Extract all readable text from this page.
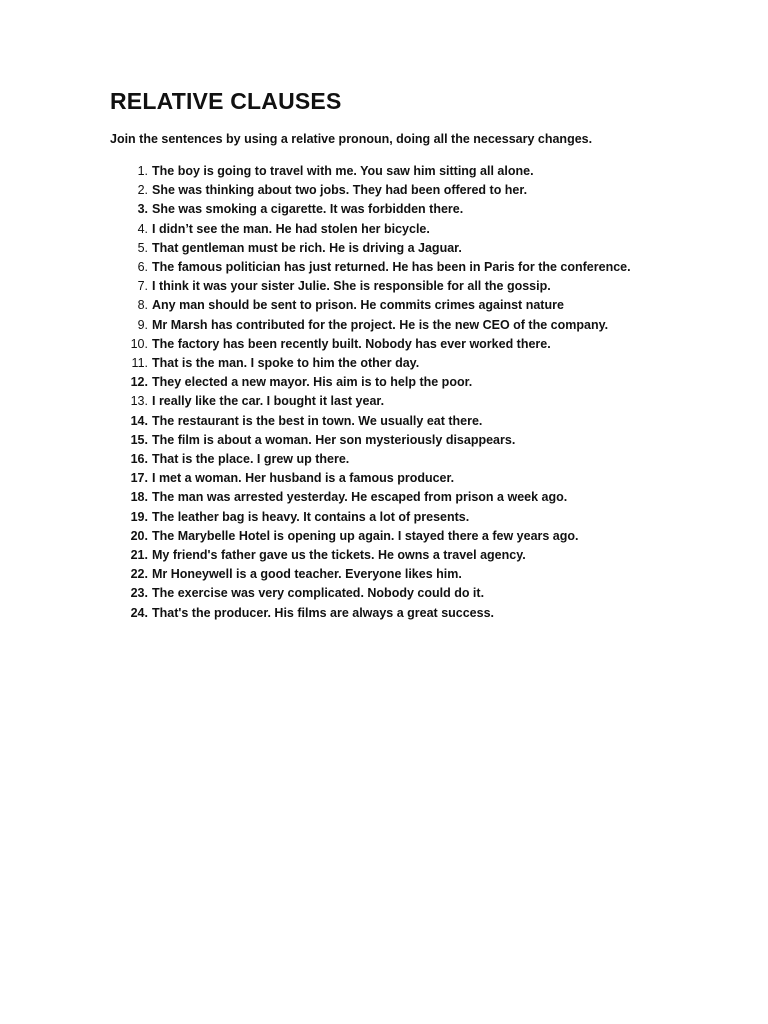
RELATIVE CLAUSES

Join the sentences by using a relative pronoun, doing all the necessary changes.

1. The boy is going to travel with me. You saw him sitting all alone.
2. She was thinking about two jobs. They had been offered to her.
3. She was smoking a cigarette. It was forbidden there.
4. I didn’t see the man. He had stolen her bicycle.
5. That gentleman must be rich. He is driving a Jaguar.
6. The famous politician has just returned. He has been in Paris for the conference.
7. I think it was your sister Julie. She is responsible for all the gossip.
8. Any man should be sent to prison. He commits crimes against nature
9. Mr Marsh has contributed for the project. He is the new CEO of the company.
10. The factory has been recently built. Nobody has ever worked there.
11. That is the man. I spoke to him the other day.
12. They elected a new mayor. His aim is to help the poor.
13. I really like the car. I bought it last year.
14. The restaurant is the best in town. We usually eat there.
15. The film is about a woman. Her son mysteriously disappears.
16. That is the place. I grew up there.
17. I met a woman. Her husband is a famous producer.
18. The man was arrested yesterday. He escaped from prison a week ago.
19. The leather bag is heavy. It contains a lot of presents.
20. The Marybelle Hotel is opening up again. I stayed there a few years ago.
21. My friend's father gave us the tickets. He owns a travel agency.
22. Mr Honeywell is a good teacher. Everyone likes him.
23. The exercise was very complicated. Nobody could do it.
24. That's the producer. His films are always a great success.
